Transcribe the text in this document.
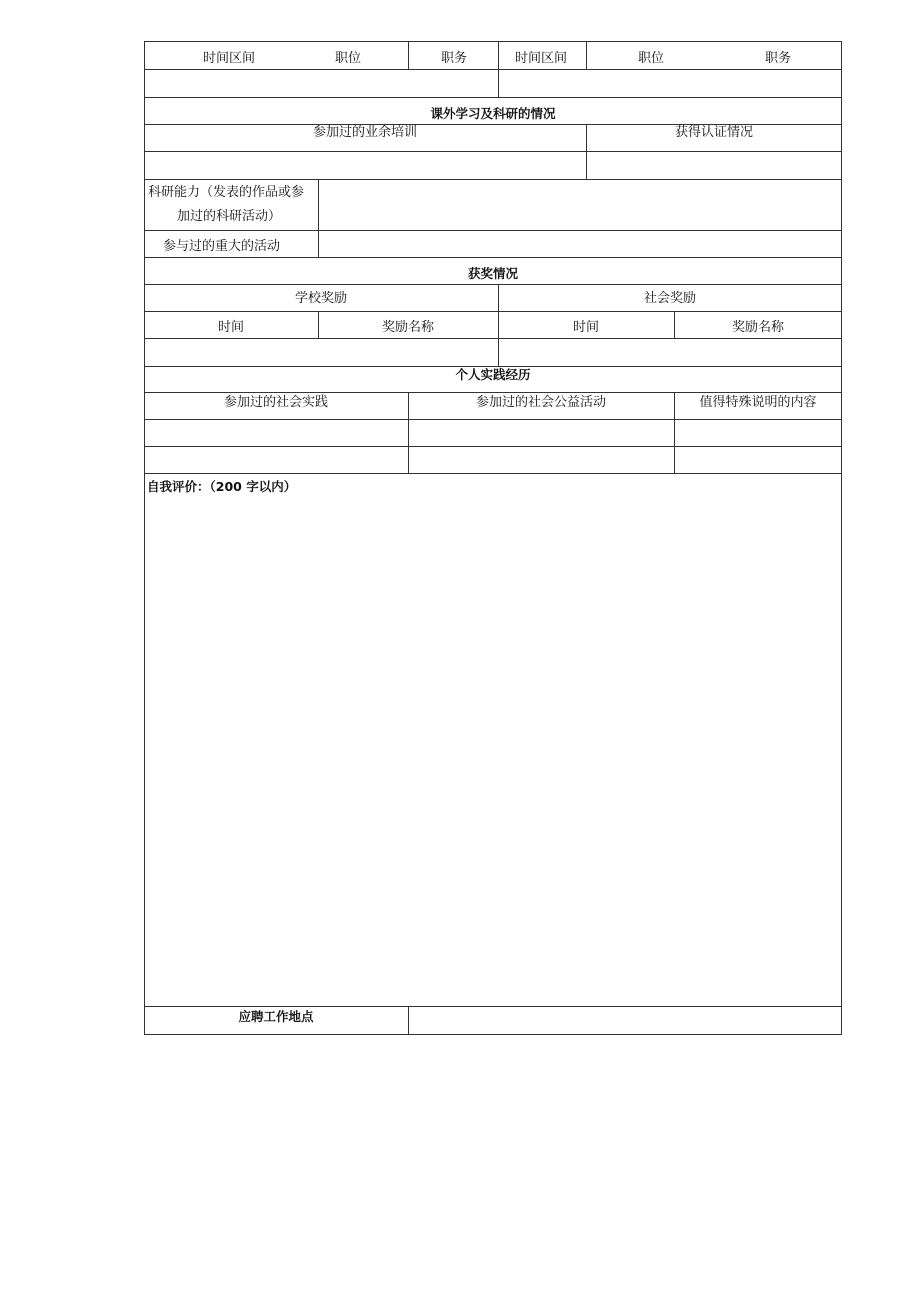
时间区间	职位	职务	时间区间	职位	职务
课外学习及科研的情况
参加过的业余培训	获得认证情况
科研能力（发表的作品或参
加过的科研活动）
参与过的重大的活动
获奖情况
学校奖励	社会奖励
时间	奖励名称	时间	奖励名称
个人实践经历
参加过的社会实践	参加过的社会公益活动	值得特殊说明的内容
自我评价：（200 字以内）
应聘工作地点
